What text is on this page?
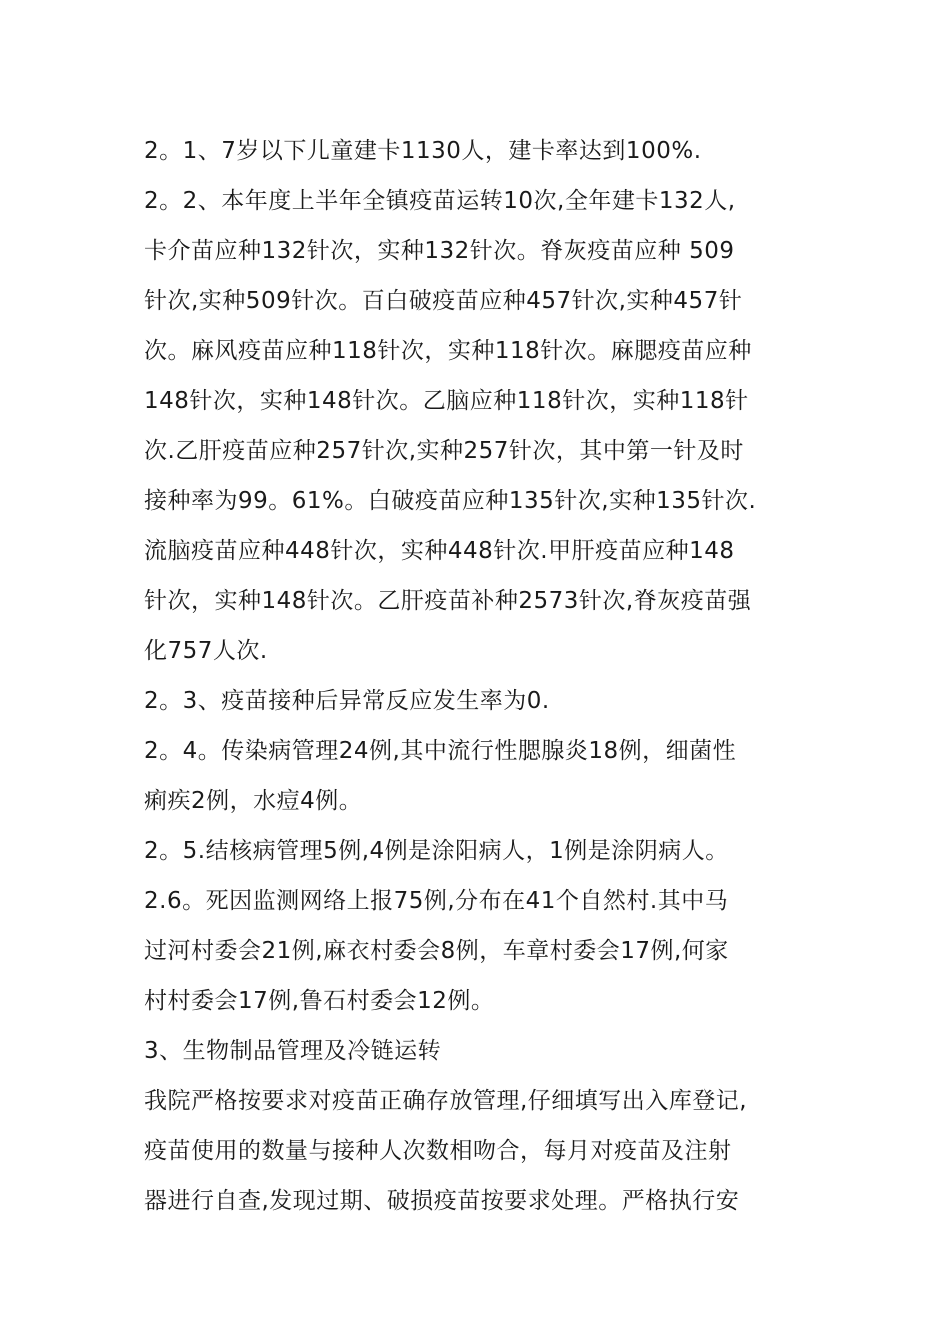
2。1、7岁以下儿童建卡1130人，建卡率达到100%.
2。2、本年度上半年全镇疫苗运转10次,全年建卡132人,
卡介苗应种132针次，实种132针次。脊灰疫苗应种 509
针次,实种509针次。百白破疫苗应种457针次,实种457针
次。麻风疫苗应种118针次，实种118针次。麻腮疫苗应种
148针次，实种148针次。乙脑应种118针次，实种118针
次.乙肝疫苗应种257针次,实种257针次，其中第一针及时
接种率为99。61%。白破疫苗应种135针次,实种135针次.
流脑疫苗应种448针次，实种448针次.甲肝疫苗应种148
针次，实种148针次。乙肝疫苗补种2573针次,脊灰疫苗强
化757人次.
2。3、疫苗接种后异常反应发生率为0.
2。4。传染病管理24例,其中流行性腮腺炎18例，细菌性
痢疾2例，水痘4例。
2。5.结核病管理5例,4例是涂阳病人，1例是涂阴病人。
2.6。死因监测网络上报75例,分布在41个自然村.其中马
过河村委会21例,麻衣村委会8例，车章村委会17例,何家
村村委会17例,鲁石村委会12例。
3、生物制品管理及冷链运转
我院严格按要求对疫苗正确存放管理,仔细填写出入库登记,
疫苗使用的数量与接种人次数相吻合，每月对疫苗及注射
器进行自查,发现过期、破损疫苗按要求处理。严格执行安
